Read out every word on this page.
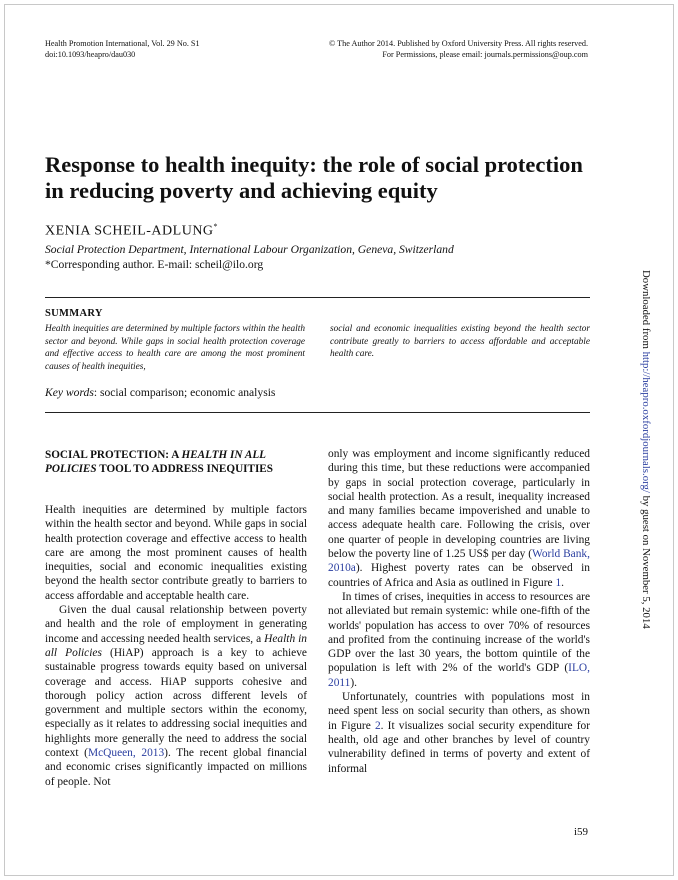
Health Promotion International, Vol. 29 No. S1
doi:10.1093/heapro/dau030
© The Author 2014. Published by Oxford University Press. All rights reserved.
For Permissions, please email: journals.permissions@oup.com
Response to health inequity: the role of social protection in reducing poverty and achieving equity
XENIA SCHEIL-ADLUNG*
Social Protection Department, International Labour Organization, Geneva, Switzerland
*Corresponding author. E-mail: scheil@ilo.org
SUMMARY
Health inequities are determined by multiple factors within the health sector and beyond. While gaps in social health protection coverage and effective access to health care are among the most prominent causes of health inequities,
social and economic inequalities existing beyond the health sector contribute greatly to barriers to access affordable and acceptable health care.
Key words: social comparison; economic analysis
SOCIAL PROTECTION: A HEALTH IN ALL POLICIES TOOL TO ADDRESS INEQUITIES

Health inequities are determined by multiple factors within the health sector and beyond. While gaps in social health protection coverage and effective access to health care are among the most prominent causes of health inequities, social and economic inequalities existing beyond the health sector contribute greatly to barriers to access affordable and acceptable health care.

Given the dual causal relationship between poverty and health and the role of employment in generating income and accessing needed health services, a Health in all Policies (HiAP) approach is a key to achieve sustainable progress towards equity based on universal coverage and access. HiAP supports cohesive and thorough policy action across different levels of government and multiple sectors within the economy, especially as it relates to addressing social inequities and highlights more generally the need to address the social context (McQueen, 2013). The recent global financial and economic crises significantly impacted on millions of people. Not

only was employment and income significantly reduced during this time, but these reductions were accompanied by gaps in social protection coverage, particularly in social health protection. As a result, inequality increased and many families became impoverished and unable to access adequate health care. Following the crisis, over one quarter of people in developing countries are living below the poverty line of 1.25 US$ per day (World Bank, 2010a). Highest poverty rates can be observed in countries of Africa and Asia as outlined in Figure 1.

In times of crises, inequities in access to resources are not alleviated but remain systemic: while one-fifth of the worlds' population has access to over 70% of resources and profited from the continuing increase of the world's GDP over the last 30 years, the bottom quintile of the population is left with 2% of the world's GDP (ILO, 2011).

Unfortunately, countries with populations most in need spent less on social security than others, as shown in Figure 2. It visualizes social security expenditure for health, old age and other branches by level of country vulnerability defined in terms of poverty and extent of informal

i59
Downloaded from http://heapro.oxfordjournals.org/ by guest on November 5, 2014
